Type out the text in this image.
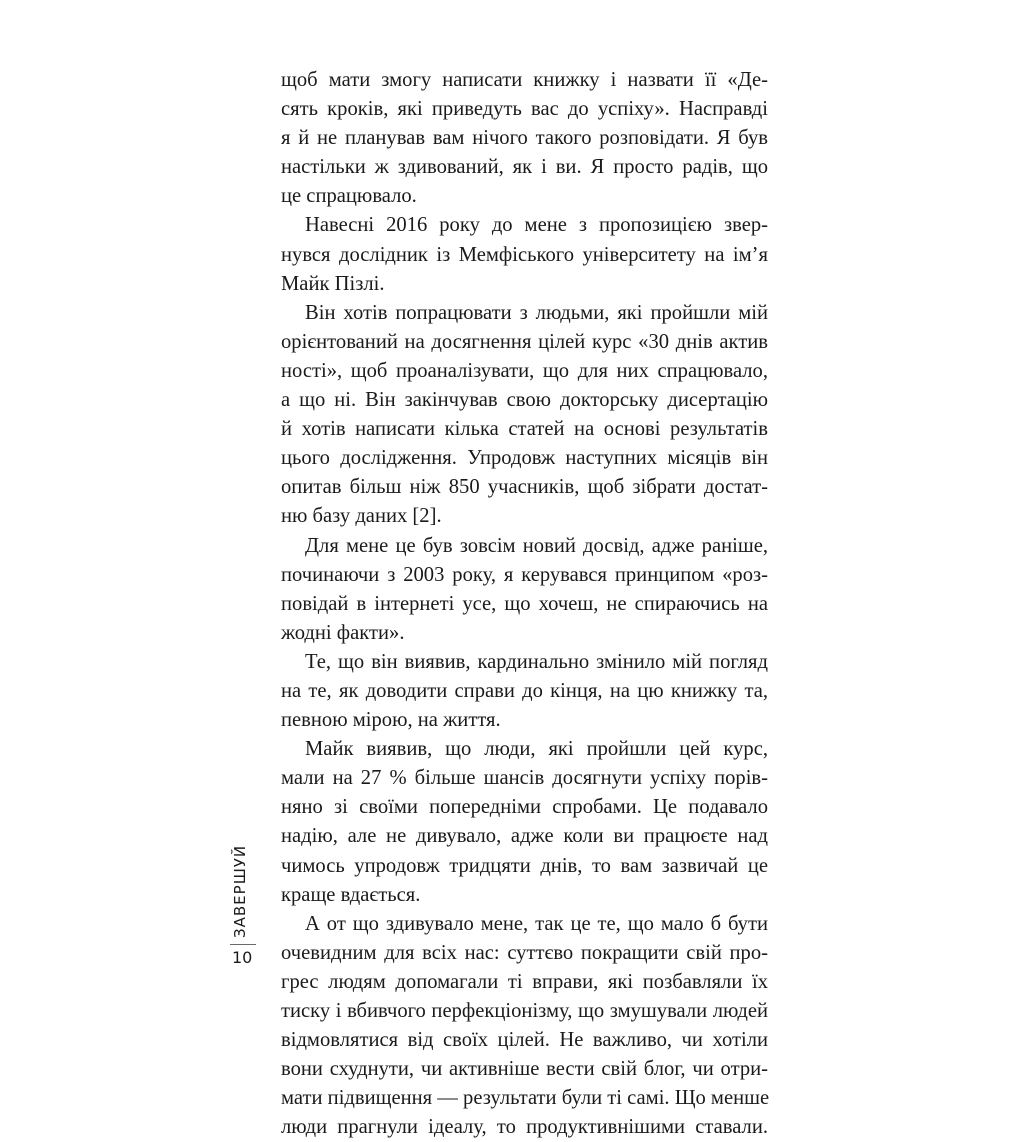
щоб мати змогу написати книжку і назвати її «Де-
сять кроків, які приведуть вас до успіху». Насправді
я й не планував вам нічого такого розповідати. Я був
настільки ж здивований, як і ви. Я просто радів, що
це спрацювало.
Навесні 2016 року до мене з пропозицією звер-
нувся дослідник із Мемфіського університету на ім’я
Майк Пізлі.
Він хотів попрацювати з людьми, які пройшли мій
орієнтований на досягнення цілей курс «30 днів актив
ності», щоб проаналізувати, що для них спрацювало,
а що ні. Він закінчував свою докторську дисертацію
й хотів написати кілька статей на основі результатів
цього дослідження. Упродовж наступних місяців він
опитав більш ніж 850 учасників, щоб зібрати достат-
ню базу даних [2].
Для мене це був зовсім новий досвід, адже раніше,
починаючи з 2003 року, я керувався принципом «роз-
повідай в інтернеті усе, що хочеш, не спираючись на
жодні факти».
Те, що він виявив, кардинально змінило мій погляд
на те, як доводити справи до кінця, на цю книжку та,
певною мірою, на життя.
Майк виявив, що люди, які пройшли цей курс,
мали на 27 % більше шансів досягнути успіху порів-
няно зі своїми попередніми спробами. Це подавало
надію, але не дивувало, адже коли ви працюєте над
чимось упродовж тридцяти днів, то вам зазвичай це
краще вдається.
А от що здивувало мене, так це те, що мало б бути
очевидним для всіх нас: суттєво покращити свій про-
грес людям допомагали ті вправи, які позбавляли їх
тиску і вбивчого перфекціонізму, що змушували людей
відмовлятися від своїх цілей. Не важливо, чи хотіли
вони схуднути, чи активніше вести свій блог, чи отри-
мати підвищення — результати були ті самі. Що менше
люди прагнули ідеалу, то продуктивнішими ставали.
ЗАВЕРШУЙ
10
